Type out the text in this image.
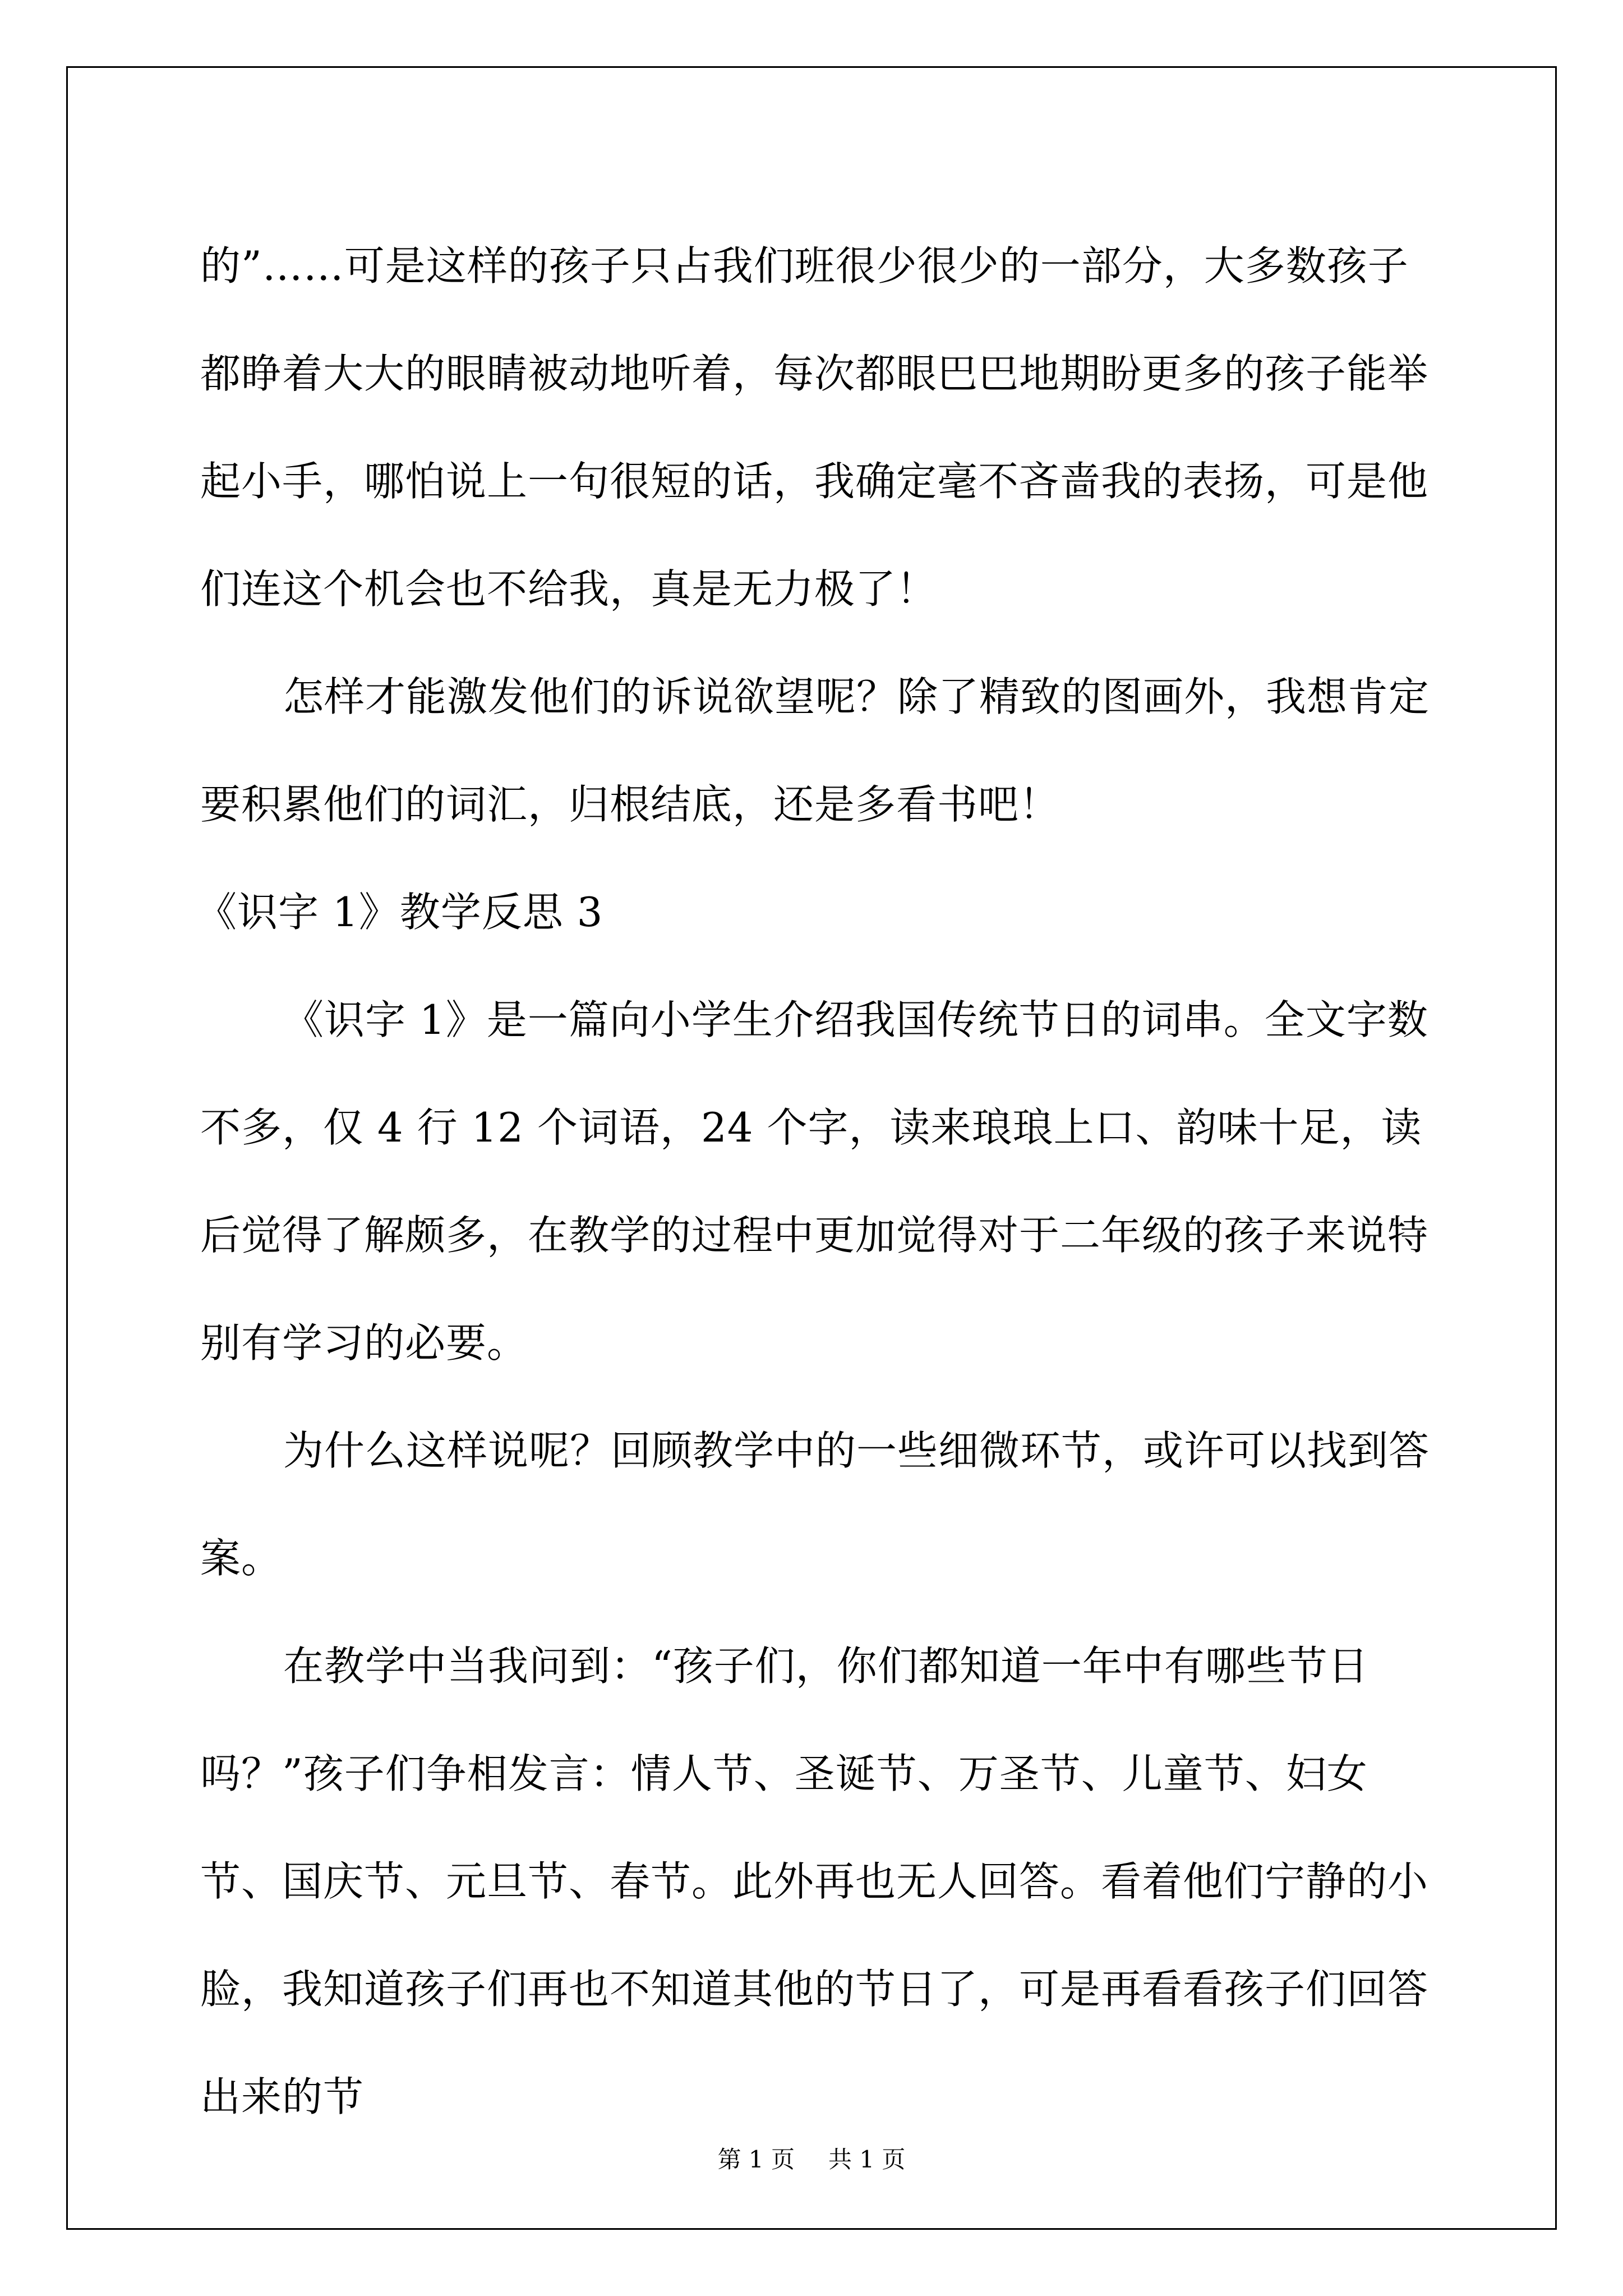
的”……可是这样的孩子只占我们班很少很少的一部分，大多数孩子都睁着大大的眼睛被动地听着，每次都眼巴巴地期盼更多的孩子能举起小手，哪怕说上一句很短的话，我确定毫不吝啬我的表扬，可是他们连这个机会也不给我，真是无力极了！

怎样才能激发他们的诉说欲望呢？除了精致的图画外，我想肯定要积累他们的词汇，归根结底，还是多看书吧！

《识字 1》教学反思 3

《识字 1》是一篇向小学生介绍我国传统节日的词串。全文字数不多，仅 4 行 12 个词语，24 个字，读来琅琅上口、韵味十足，读后觉得了解颇多，在教学的过程中更加觉得对于二年级的孩子来说特别有学习的必要。

为什么这样说呢？回顾教学中的一些细微环节，或许可以找到答案。

在教学中当我问到：“孩子们，你们都知道一年中有哪些节日吗？”孩子们争相发言：情人节、圣诞节、万圣节、儿童节、妇女节、国庆节、元旦节、春节。此外再也无人回答。看着他们宁静的小脸，我知道孩子们再也不知道其他的节日了，可是再看看孩子们回答出来的节

第 1 页 共 1 页
